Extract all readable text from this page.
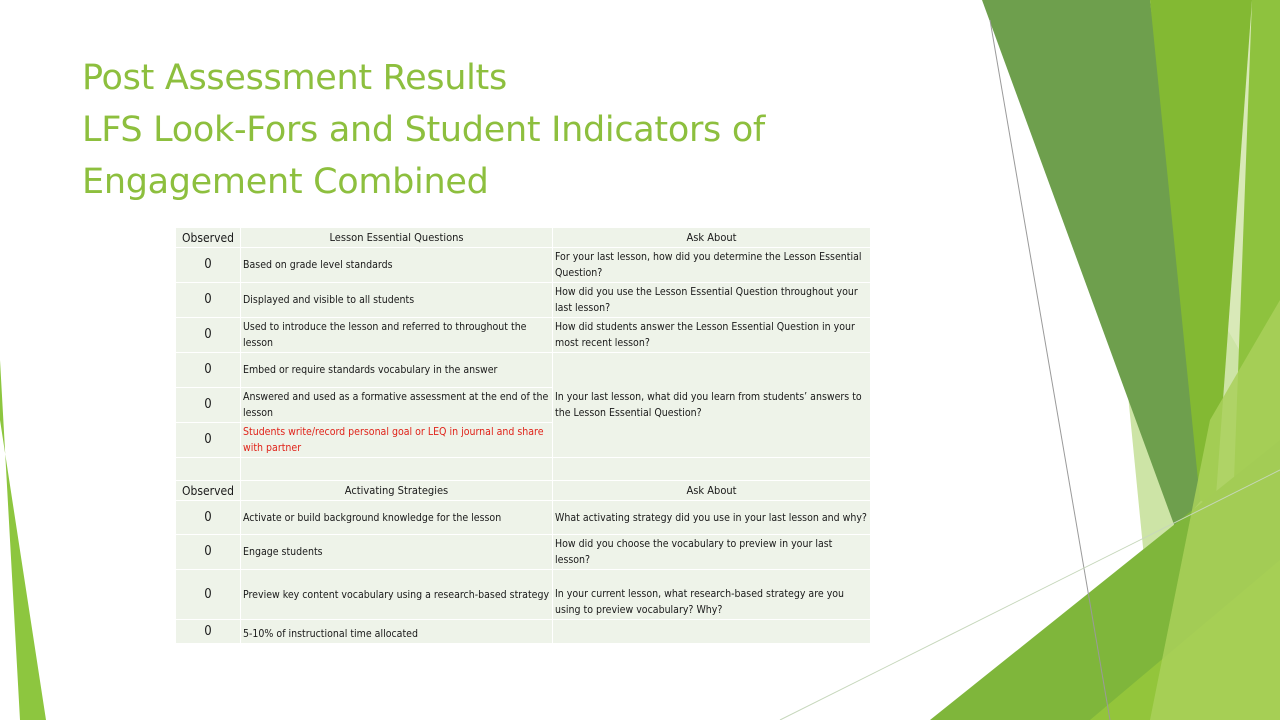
Post Assessment Results
LFS Look-Fors and Student Indicators of
Engagement Combined
Observed	Lesson Essential Questions	Ask About
0	Based on grade level standards	For your last lesson, how did you determine the Lesson Essential Question?
0	Displayed and visible to all students	How did you use the Lesson Essential Question throughout your last lesson?
0	Used to introduce the lesson and referred to throughout the lesson	How did students answer the Lesson Essential Question in your most recent lesson?
0	Embed or require standards vocabulary in the answer	In your last lesson, what did you learn from students’ answers to the Lesson Essential Question?
0	Answered and used as a formative assessment at the end of the lesson	
0	Students write/record personal goal or LEQ in journal and share with partner	

Observed	Activating Strategies	Ask About
0	Activate or build background knowledge for the lesson	What activating strategy did you use in your last lesson and why?
0	Engage students	How did you choose the vocabulary to preview in your last lesson?
0	Preview key content vocabulary using a research-based strategy	In your current lesson, what research-based strategy are you using to preview vocabulary? Why?
0	5-10% of instructional time allocated	
